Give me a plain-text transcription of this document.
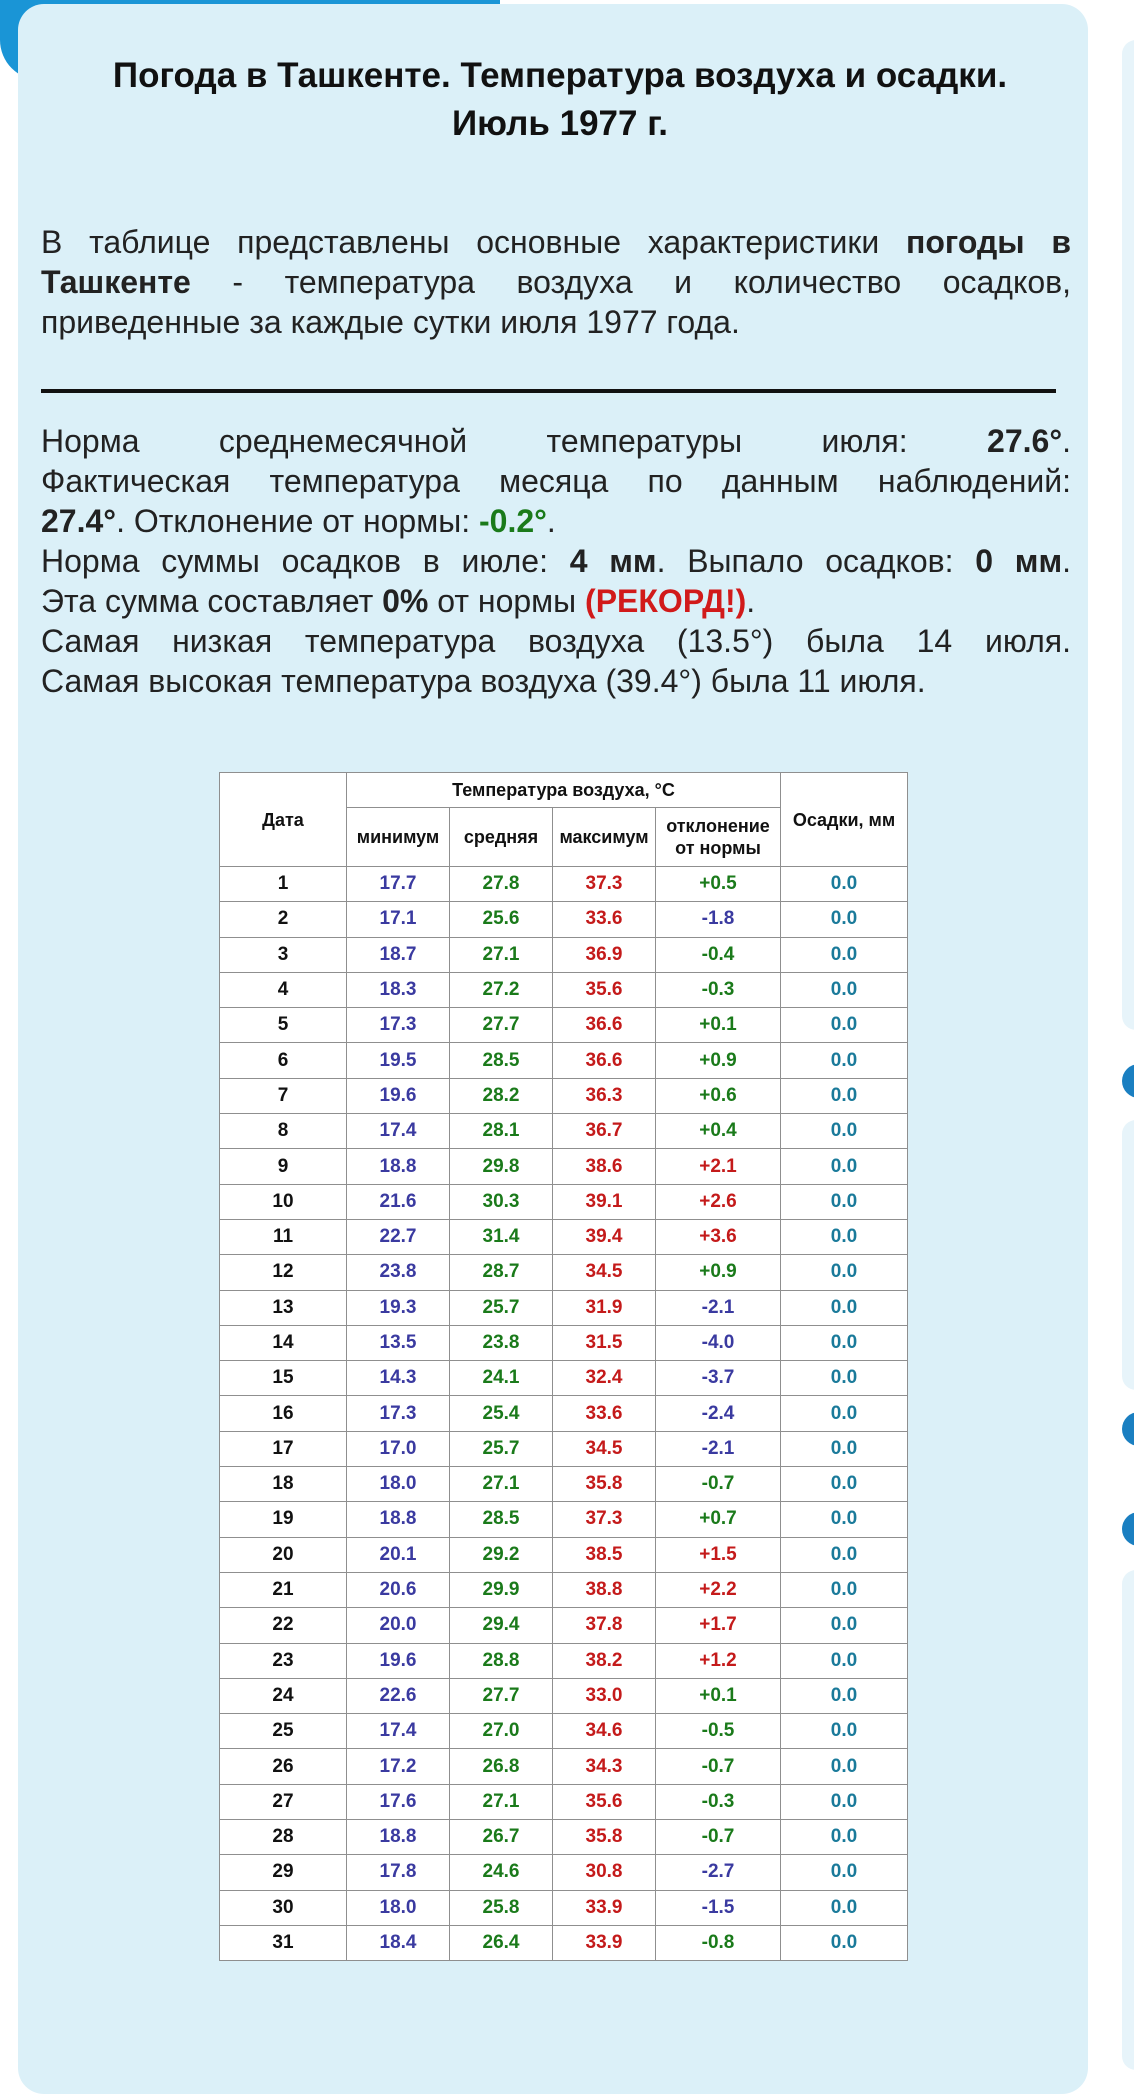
Погода в Ташкенте. Температура воздуха и осадки.
Июль 1977 г.
В таблице представлены основные характеристики погоды в
Ташкенте - температура воздуха и количество осадков,
приведенные за каждые сутки июля 1977 года.
Норма среднемесячной температуры июля: 27.6°.
Фактическая температура месяца по данным наблюдений:
27.4°. Отклонение от нормы: -0.2°.
Норма суммы осадков в июле: 4 мм. Выпало осадков: 0 мм.
Эта сумма составляет 0% от нормы (РЕКОРД!).
Самая низкая температура воздуха (13.5°) была 14 июля.
Самая высокая температура воздуха (39.4°) была 11 июля.
Дата	Температура воздуха, °С				Осадки, мм
	минимум	средняя	максимум	отклонение от нормы	
1	17.7	27.8	37.3	+0.5	0.0
2	17.1	25.6	33.6	-1.8	0.0
3	18.7	27.1	36.9	-0.4	0.0
4	18.3	27.2	35.6	-0.3	0.0
5	17.3	27.7	36.6	+0.1	0.0
6	19.5	28.5	36.6	+0.9	0.0
7	19.6	28.2	36.3	+0.6	0.0
8	17.4	28.1	36.7	+0.4	0.0
9	18.8	29.8	38.6	+2.1	0.0
10	21.6	30.3	39.1	+2.6	0.0
11	22.7	31.4	39.4	+3.6	0.0
12	23.8	28.7	34.5	+0.9	0.0
13	19.3	25.7	31.9	-2.1	0.0
14	13.5	23.8	31.5	-4.0	0.0
15	14.3	24.1	32.4	-3.7	0.0
16	17.3	25.4	33.6	-2.4	0.0
17	17.0	25.7	34.5	-2.1	0.0
18	18.0	27.1	35.8	-0.7	0.0
19	18.8	28.5	37.3	+0.7	0.0
20	20.1	29.2	38.5	+1.5	0.0
21	20.6	29.9	38.8	+2.2	0.0
22	20.0	29.4	37.8	+1.7	0.0
23	19.6	28.8	38.2	+1.2	0.0
24	22.6	27.7	33.0	+0.1	0.0
25	17.4	27.0	34.6	-0.5	0.0
26	17.2	26.8	34.3	-0.7	0.0
27	17.6	27.1	35.6	-0.3	0.0
28	18.8	26.7	35.8	-0.7	0.0
29	17.8	24.6	30.8	-2.7	0.0
30	18.0	25.8	33.9	-1.5	0.0
31	18.4	26.4	33.9	-0.8	0.0
